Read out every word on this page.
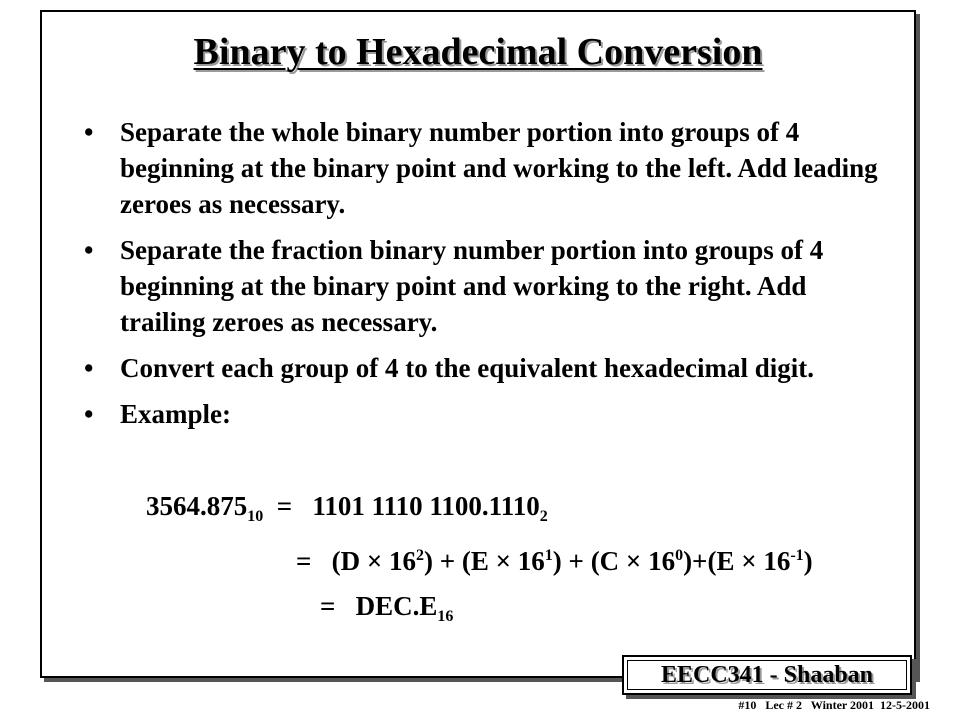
Binary to Hexadecimal Conversion
• Separate the whole binary number portion into groups of 4 beginning at the binary point and working to the left. Add leading zeroes as necessary.
• Separate the fraction binary number portion into groups of 4 beginning at the binary point and working to the right. Add trailing zeroes as necessary.
• Convert each group of 4 to the equivalent hexadecimal digit.
• Example:
$3564.875_{10} = 1101$ 1110 $1100.1110_2$
=   $(D \times 16^2) + (E \times 16^1) + (C \times 16^0)+(E \times 16^{-1})$
=   $DEC.E_{16}$
EECC341 - Shaaban
#10   Lec # 2   Winter 2001  12-5-2001
